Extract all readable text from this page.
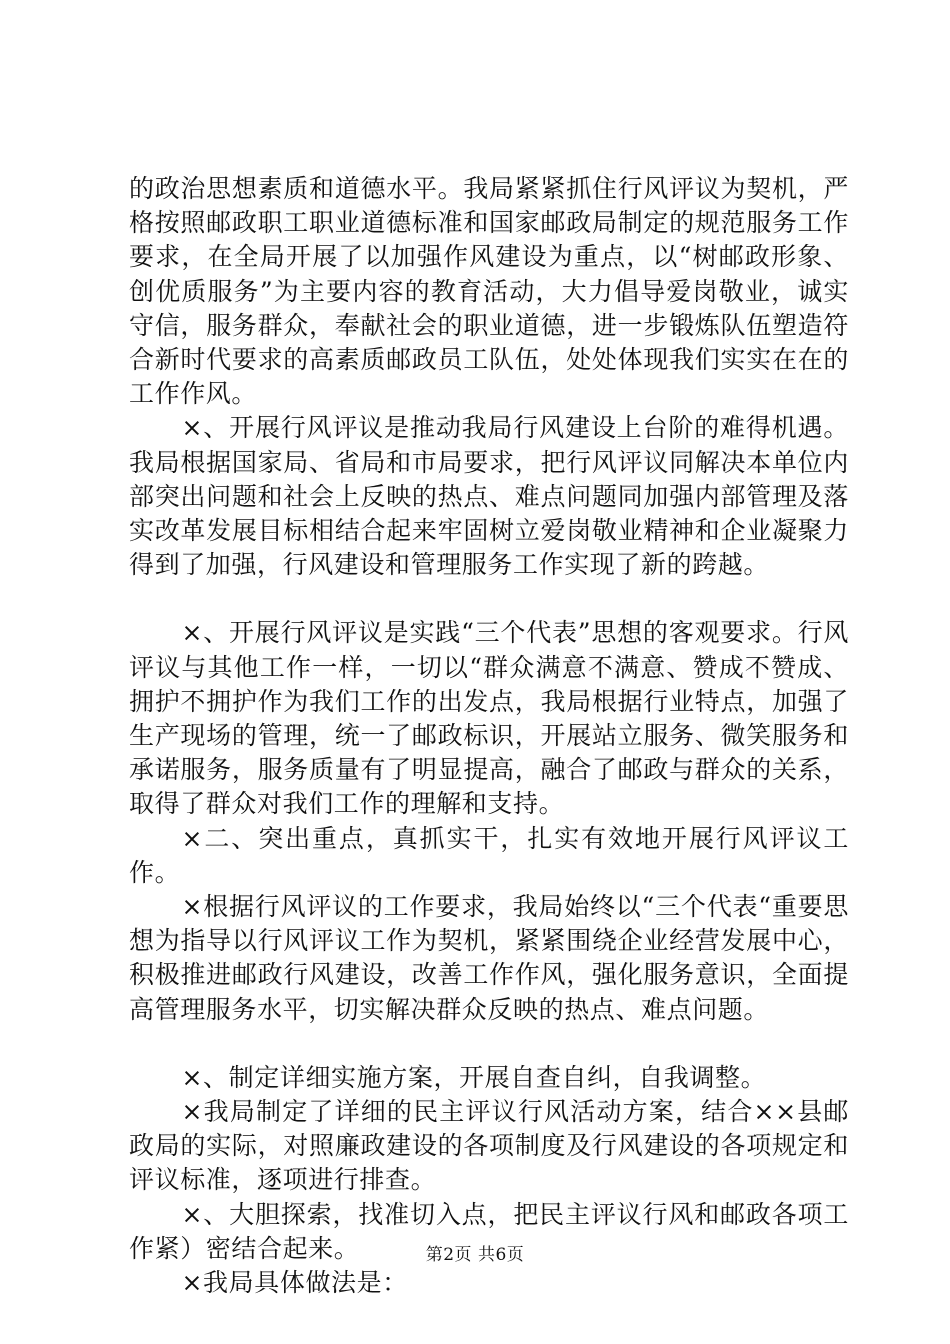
的政治思想素质和道德水平。我局紧紧抓住行风评议为契机，严格按照邮政职工职业道德标准和国家邮政局制定的规范服务工作要求，在全局开展了以加强作风建设为重点，以“树邮政形象、创优质服务”为主要内容的教育活动，大力倡导爱岗敬业，诚实守信，服务群众，奉献社会的职业道德，进一步锻炼队伍塑造符合新时代要求的高素质邮政员工队伍，处处体现我们实实在在的工作作风。

×、开展行风评议是推动我局行风建设上台阶的难得机遇。我局根据国家局、省局和市局要求，把行风评议同解决本单位内部突出问题和社会上反映的热点、难点问题同加强内部管理及落实改革发展目标相结合起来牢固树立爱岗敬业精神和企业凝聚力得到了加强，行风建设和管理服务工作实现了新的跨越。

×、开展行风评议是实践“三个代表”思想的客观要求。行风评议与其他工作一样，一切以“群众满意不满意、赞成不赞成、拥护不拥护作为我们工作的出发点，我局根据行业特点，加强了生产现场的管理，统一了邮政标识，开展站立服务、微笑服务和承诺服务，服务质量有了明显提高，融合了邮政与群众的关系，取得了群众对我们工作的理解和支持。

×二、突出重点，真抓实干，扎实有效地开展行风评议工作。

×根据行风评议的工作要求，我局始终以“三个代表“重要思想为指导以行风评议工作为契机，紧紧围绕企业经营发展中心，积极推进邮政行风建设，改善工作作风，强化服务意识，全面提高管理服务水平，切实解决群众反映的热点、难点问题。

×、制定详细实施方案，开展自查自纠，自我调整。

×我局制定了详细的民主评议行风活动方案，结合××县邮政局的实际，对照廉政建设的各项制度及行风建设的各项规定和评议标准，逐项进行排查。

×、大胆探索，找准切入点，把民主评议行风和邮政各项工作紧）密结合起来。

×我局具体做法是：

第2页 共6页
